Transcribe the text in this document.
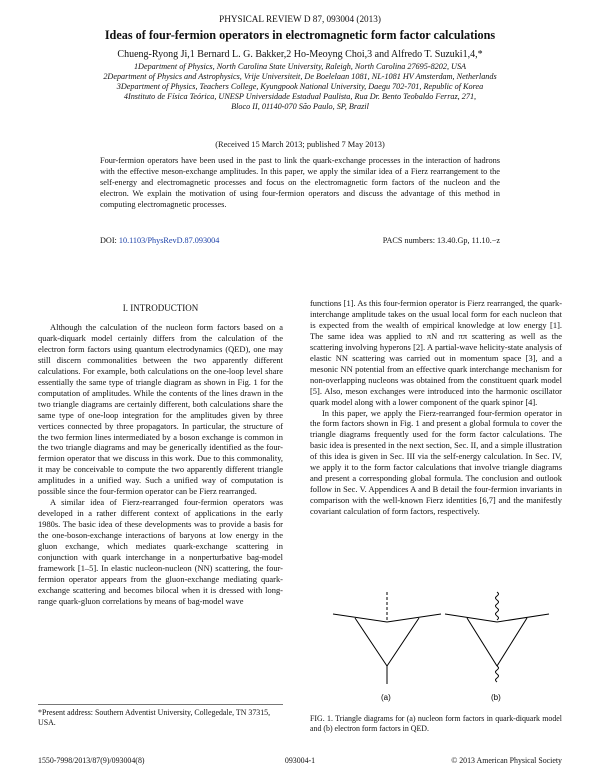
PHYSICAL REVIEW D 87, 093004 (2013)
Ideas of four-fermion operators in electromagnetic form factor calculations
Chueng-Ryong Ji,1 Bernard L. G. Bakker,2 Ho-Meoyng Choi,3 and Alfredo T. Suzuki1,4,*
1Department of Physics, North Carolina State University, Raleigh, North Carolina 27695-8202, USA
2Department of Physics and Astrophysics, Vrije Universiteit, De Boelelaan 1081, NL-1081 HV Amsterdam, Netherlands
3Department of Physics, Teachers College, Kyungpook National University, Daegu 702-701, Republic of Korea
4Instituto de Física Teórica, UNESP Universidade Estadual Paulista, Rua Dr. Bento Teobaldo Ferraz, 271,
Bloco II, 01140-070 São Paulo, SP, Brazil
(Received 15 March 2013; published 7 May 2013)
Four-fermion operators have been used in the past to link the quark-exchange processes in the interaction of hadrons with the effective meson-exchange amplitudes. In this paper, we apply the similar idea of a Fierz rearrangement to the self-energy and electromagnetic processes and focus on the electromagnetic form factors of the nucleon and the electron. We explain the motivation of using four-fermion operators and discuss the advantage of this method in computing electromagnetic processes.
DOI: 10.1103/PhysRevD.87.093004	PACS numbers: 13.40.Gp, 11.10.−z
I. INTRODUCTION

Although the calculation of the nucleon form factors based on a quark-diquark model certainly differs from the calculation of the electron form factors using quantum electrodynamics (QED), one may still discern commonalities between the two apparently different calculations. For example, both calculations on the one-loop level share essentially the same type of triangle diagram as shown in Fig. 1 for the computation of amplitudes. While the contents of the lines drawn in the two triangle diagrams are certainly different, both calculations share the same type of one-loop integration for the amplitudes given by three vertices connected by three propagators. In particular, the structure of the two fermion lines intermediated by a boson exchange is common in the two triangle diagrams and may be generically identified as the four-fermion operator that we discuss in this work. Due to this commonality, it may be conceivable to compute the two apparently different triangle amplitudes in a unified way. Such a unified way of computation is possible since the four-fermion operator can be Fierz rearranged.

A similar idea of Fierz-rearranged four-fermion operators was developed in a rather different context of applications in the early 1980s. The basic idea of these developments was to provide a basis for the one-boson-exchange interactions of baryons at low energy in the gluon exchange, which mediates quark-exchange scattering in conjunction with quark interchange in a nonperturbative bag-model framework [1–5]. In elastic nucleon-nucleon (NN) scattering, the four-fermion operator appears from the gluon-exchange mediating quark-exchange scattering and becomes bilocal when it is dressed with long-range quark-gluon correlations by means of bag-model wave

functions [1]. As this four-fermion operator is Fierz rearranged, the quark-interchange amplitude takes on the usual local form for each nucleon that is expected from the wealth of empirical knowledge at low energy [1]. The same idea was applied to πN and ππ scattering as well as the scattering involving hyperons [2]. A partial-wave helicity-state analysis of elastic NN scattering was carried out in momentum space [3], and a mesonic NN potential from an effective quark interchange mechanism for non-overlapping nucleons was obtained from the constituent quark model [5]. Also, meson exchanges were introduced into the harmonic oscillator quark model along with a lower component of the quark spinor [4].

In this paper, we apply the Fierz-rearranged four-fermion operator in the form factors shown in Fig. 1 and present a global formula to cover the triangle diagrams frequently used for the form factor calculations. The basic idea is presented in the next section, Sec. II, and a simple illustration of this idea is given in Sec. III via the self-energy calculation. In Sec. IV, we apply it to the form factor calculations that involve triangle diagrams and present a corresponding global formula. The conclusion and outlook follow in Sec. V. Appendices A and B detail the four-fermion invariants in comparison with the well-known Fierz identities [6,7] and the manifestly covariant calculation of form factors, respectively.

(a)	(b)
FIG. 1. Triangle diagrams for (a) nucleon form factors in quark-diquark model and (b) electron form factors in QED.
*Present address: Southern Adventist University, Collegedale, TN 37315, USA.
1550-7998/2013/87(9)/093004(8)	093004-1	© 2013 American Physical Society
